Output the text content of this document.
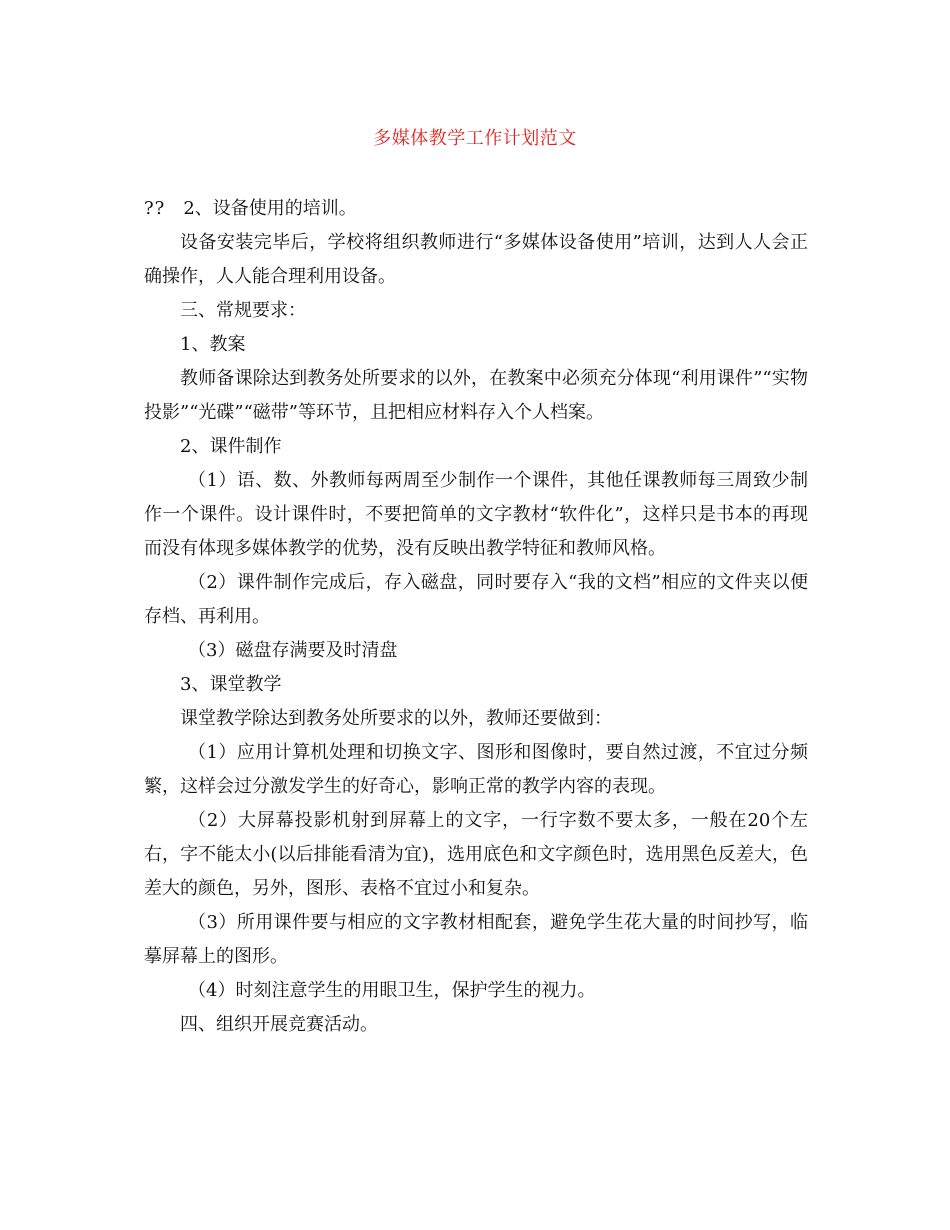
多媒体教学工作计划范文

?? 2、设备使用的培训。

设备安装完毕后，学校将组织教师进行“多媒体设备使用”培训，达到人人会正确操作，人人能合理利用设备。

三、常规要求：

1、教案

教师备课除达到教务处所要求的以外，在教案中必须充分体现“利用课件”“实物投影”“光碟”“磁带”等环节，且把相应材料存入个人档案。

2、课件制作

（1）语、数、外教师每两周至少制作一个课件，其他任课教师每三周致少制作一个课件。设计课件时，不要把简单的文字教材“软件化”，这样只是书本的再现而没有体现多媒体教学的优势，没有反映出教学特征和教师风格。

（2）课件制作完成后，存入磁盘，同时要存入“我的文档”相应的文件夹以便存档、再利用。

（3）磁盘存满要及时清盘

3、课堂教学

课堂教学除达到教务处所要求的以外，教师还要做到：

（1）应用计算机处理和切换文字、图形和图像时，要自然过渡，不宜过分频繁，这样会过分激发学生的好奇心，影响正常的教学内容的表现。

（2）大屏幕投影机射到屏幕上的文字，一行字数不要太多，一般在20个左右，字不能太小(以后排能看清为宜)，选用底色和文字颜色时，选用黑色反差大，色差大的颜色，另外，图形、表格不宜过小和复杂。

（3）所用课件要与相应的文字教材相配套，避免学生花大量的时间抄写，临摹屏幕上的图形。

（4）时刻注意学生的用眼卫生，保护学生的视力。

四、组织开展竞赛活动。
